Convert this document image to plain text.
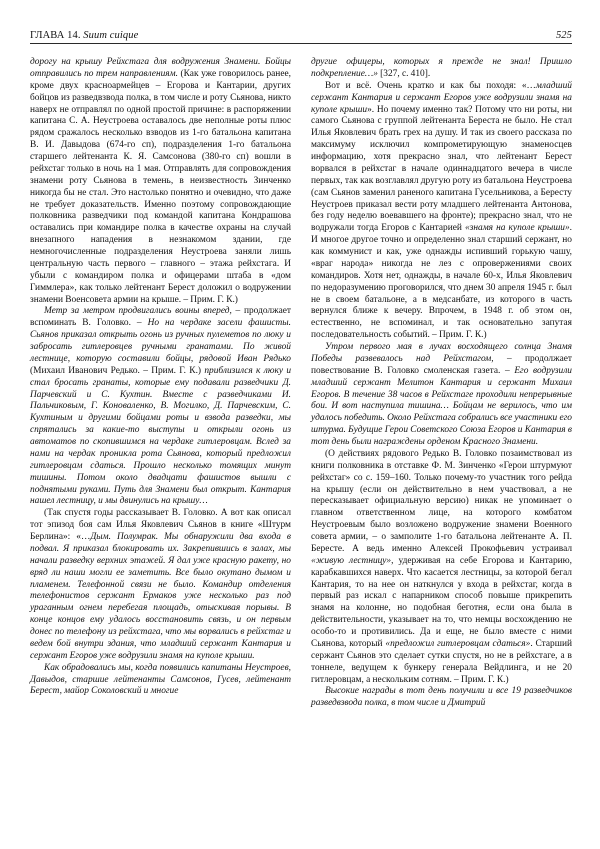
ГЛАВА 14. Suum cuique	525

дорогу на крышу Рейхстага для водружения Знамени. Бойцы отправились по трем направлениям. (Как уже говорилось ранее, кроме двух красноармейцев – Егорова и Кантарии, других бойцов из разведвзвода полка, в том числе и роту Сьянова, никто наверх не отправлял по одной простой причине: в распоряжении капитана С. А. Неустроева оставалось две неполные роты плюс рядом сражалось несколько взводов из 1-го батальона капитана В. И. Давыдова (674-го сп), подразделения 1-го батальона старшего лейтенанта К. Я. Самсонова (380-го сп) вошли в рейхстаг только в ночь на 1 мая. Отправлять для сопровождения знамени роту Сьянова в темень, в неизвестность Зинченко никогда бы не стал. Это настолько понятно и очевидно, что даже не требует доказательств. Именно поэтому сопровождающие полковника разведчики под командой капитана Кондрашова оставались при командире полка в качестве охраны на случай внезапного нападения в незнакомом здании, где немногочисленные подразделения Неустроева заняли лишь центральную часть первого – главного – этажа рейхстага. И убыли с командиром полка и офицерами штаба в «дом Гиммлера», как только лейтенант Берест доложил о водружении знамени Военсовета армии на крыше. – Прим. Г. К.)

Метр за метром продвигались воины вперед, – продолжает вспоминать В. Головко. – Но на чердаке засели фашисты. Сьянов приказал открыть огонь из ручных пулеметов по люку и забросать гитлеровцев ручными гранатами. По живой лестнице, которую составили бойцы, рядовой Иван Рядько (Михаил Иванович Редько. – Прим. Г. К.) приблизился к люку и стал бросать гранаты, которые ему подавали разведчики Д. Парчевский и С. Кухтин. Вместе с разведчиками И. Пальчиковым, Г. Коноваленко, В. Могилко, Д. Парчевским, С. Кухтиным и другими бойцами роты и взвода разведки, мы спрятались за какие-то выступы и открыли огонь из автоматов по скопившимся на чердаке гитлеровцам. Вслед за нами на чердак проникла рота Сьянова, который предложил гитлеровцам сдаться. Прошло несколько томящих минут тишины. Потом около двадцати фашистов вышли с поднятыми руками. Путь для Знамени был открыт. Кантария нашел лестницу, и мы двинулись на крышу…

(Так спустя годы рассказывает В. Головко. А вот как описал тот эпизод боя сам Илья Яковлевич Сьянов в книге «Штурм Берлина»: «…Дым. Полумрак. Мы обнаружили два входа в подвал. Я приказал блокировать их. Закрепившись в залах, мы начали разведку верхних этажей. Я дал уже красную ракету, но вряд ли наши могли ее заметить. Все было окутано дымом и пламенем. Телефонной связи не было. Командир отделения телефонистов сержант Ермаков уже несколько раз под ураганным огнем перебегая площадь, отыскивая порывы. В конце концов ему удалось восстановить связь, и он первым донес по телефону из рейхстага, что мы ворвались в рейхстаг и ведем бой внутри здания, что младший сержант Кантария и сержант Егоров уже водрузили знамя на куполе крыши.

Как обрадовались мы, когда появились капитаны Неустроев, Давыдов, старшие лейтенанты Самсонов, Гусев, лейтенант Берест, майор Соколовский и многие

другие офицеры, которых я прежде не знал! Пришло подкрепление…» [327, с. 410].

Вот и всё. Очень кратко и как бы походя: «…младший сержант Кантария и сержант Егоров уже водрузили знамя на куполе крыши». Но почему именно так? Потому что ни роты, ни самого Сьянова с группой лейтенанта Береста не было. Не стал Илья Яковлевич брать грех на душу. И так из своего рассказа по максимуму исключил компрометирующую знаменосцев информацию, хотя прекрасно знал, что лейтенант Берест ворвался в рейхстаг в начале одиннадцатого вечера в числе первых, так как возглавлял другую роту из батальона Неустроева (сам Сьянов заменил раненого капитана Гусельникова, а Бересту Неустроев приказал вести роту младшего лейтенанта Антонова, без году неделю воевавшего на фронте); прекрасно знал, что не водружали тогда Егоров с Кантарией «знамя на куполе крыши». И многое другое точно и определенно знал старший сержант, но как коммунист и как, уже однажды испивший горькую чашу, «враг народа» никогда не лез с опровержениями своих командиров. Хотя нет, однажды, в начале 60-х, Илья Яковлевич по недоразумению проговорился, что днем 30 апреля 1945 г. был не в своем батальоне, а в медсанбате, из которого в часть вернулся ближе к вечеру. Впрочем, в 1948 г. об этом он, естественно, не вспоминал, и так основательно запутая последовательность событий. – Прим. Г. К.)

Утром первого мая в лучах восходящего солнца Знамя Победы развевалось над Рейхстагом, – продолжает повествование В. Головко смоленская газета. – Его водрузили младший сержант Мелитон Кантария и сержант Михаил Егоров. В течение 38 часов в Рейхстаге проходили непрерывные бои. И вот наступила тишина… Бойцам не верилось, что им удалось победить. Около Рейхстага собрались все участники его штурма. Будущие Герои Советского Союза Егоров и Кантария в тот день были награждены орденом Красного Знамени.

(О действиях рядового Редько В. Головко позаимствовал из книги полковника в отставке Ф. М. Зинченко «Герои штурмуют рейхстаг» со с. 159–160. Только почему-то участник того рейда на крышу (если он действительно в нем участвовал, а не пересказывает официальную версию) никак не упоминает о главном ответственном лице, на которого комбатом Неустроевым было возложено водружение знамени Военного совета армии, – о замполите 1-го батальона лейтенанте А. П. Бересте. А ведь именно Алексей Прокофьевич устраивал «живую лестницу», удерживая на себе Егорова и Кантарию, карабкавшихся наверх. Что касается лестницы, за которой бегал Кантария, то на нее он наткнулся у входа в рейхстаг, когда в первый раз искал с напарником способ повыше прикрепить знамя на колонне, но подобная беготня, если она была в действительности, указывает на то, что немцы восхождению не особо-то и противились. Да и еще, не было вместе с ними Сьянова, который «предложил гитлеровцам сдаться». Старший сержант Сьянов это сделает сутки спустя, но не в рейхстаге, а в тоннеле, ведущем к бункеру генерала Вейдлинга, и не 20 гитлеровцам, а нескольким сотням. – Прим. Г. К.)

Высокие награды в тот день получили и все 19 разведчиков разведвзвода полка, в том числе и Дмитрий
